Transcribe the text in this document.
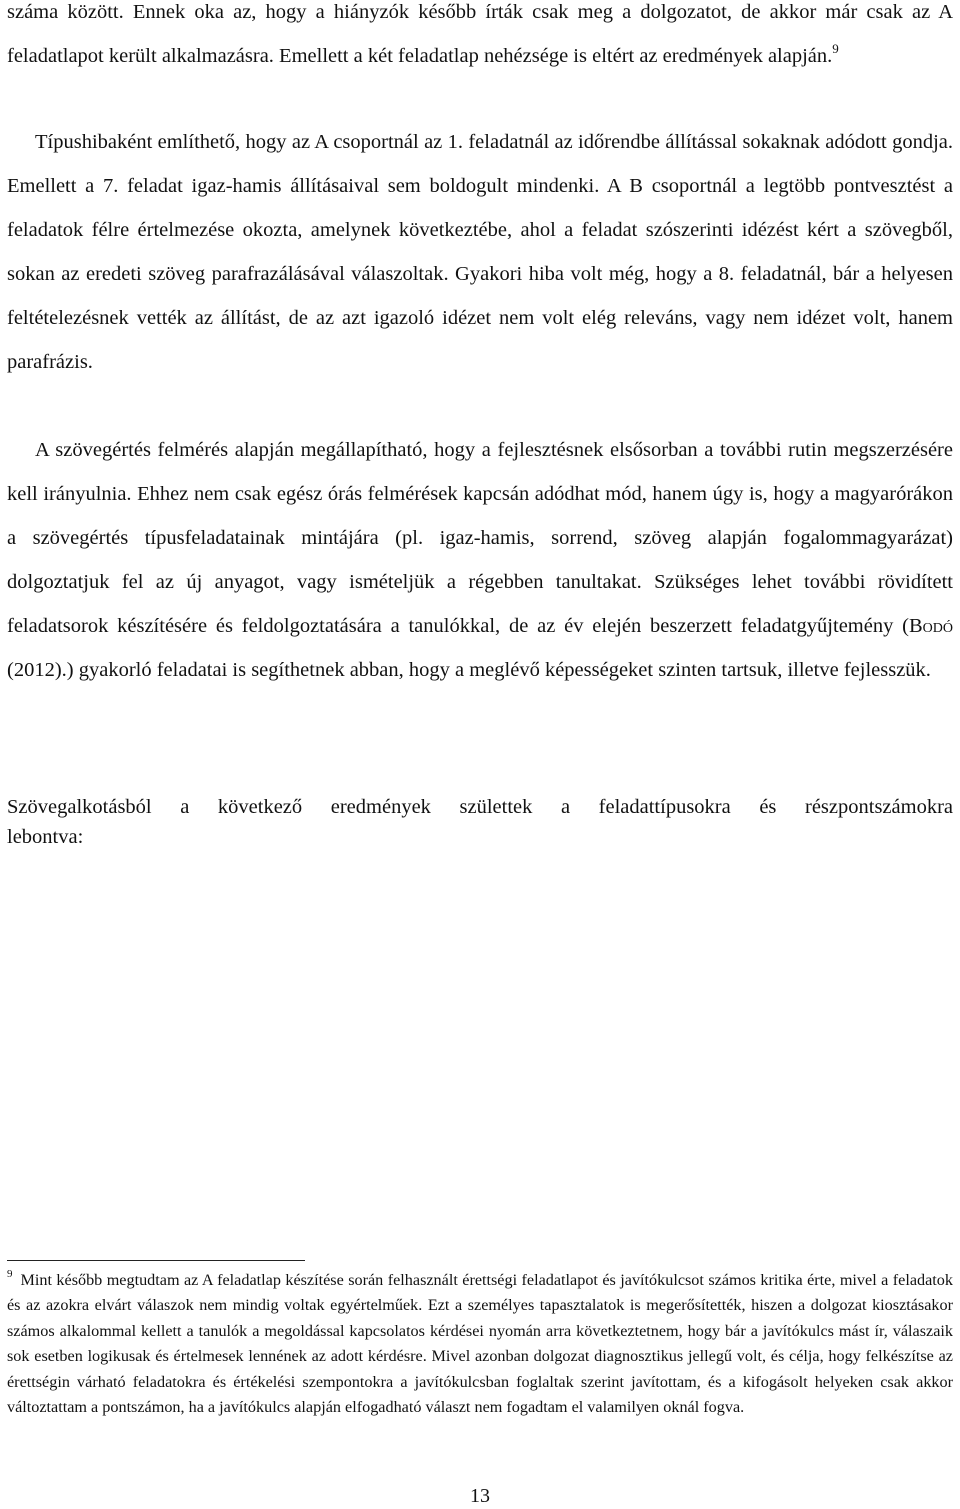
száma között. Ennek oka az, hogy a hiányzók később írták csak meg a dolgozatot, de akkor már csak az A feladatlapot került alkalmazásra. Emellett a két feladatlap nehézsége is eltért az eredmények alapján.$^9$

Típushibaként említhető, hogy az A csoportnál az 1. feladatnál az időrendbe állítással sokaknak adódott gondja. Emellett a 7. feladat igaz-hamis állításaival sem boldogult mindenki. A B csoportnál a legtöbb pontvesztést a feladatok félre értelmezése okozta, amelynek következtébe, ahol a feladat szószerinti idézést kért a szövegből, sokan az eredeti szöveg parafrazálásával válaszoltak. Gyakori hiba volt még, hogy a 8. feladatnál, bár a helyesen feltételezésnek vették az állítást, de az azt igazoló idézet nem volt elég releváns, vagy nem idézet volt, hanem parafrázis.

A szövegértés felmérés alapján megállapítható, hogy a fejlesztésnek elsősorban a további rutin megszerzésére kell irányulnia. Ehhez nem csak egész órás felmérések kapcsán adódhat mód, hanem úgy is, hogy a magyarórákon a szövegértés típusfeladatainak mintájára (pl. igaz-hamis, sorrend, szöveg alapján fogalommagyarázat) dolgoztatjuk fel az új anyagot, vagy ismételjük a régebben tanultakat. Szükséges lehet további rövidített feladatsorok készítésére és feldolgoztatására a tanulókkal, de az év elején beszerzett feladatgyűjtemény (Bodó (2012).) gyakorló feladatai is segíthetnek abban, hogy a meglévő képességeket szinten tartsuk, illetve fejlesszük.

Szövegalkotásból a következő eredmények születtek a feladattípusokra és részpontszámokra
lebontva:

$^9$ Mint később megtudtam az A feladatlap készítése során felhasznált érettségi feladatlapot és javítókulcsot számos kritika érte, mivel a feladatok és az azokra elvárt válaszok nem mindig voltak egyértelműek. Ezt a személyes tapasztalatok is megerősítették, hiszen a dolgozat kiosztásakor számos alkalommal kellett a tanulók a megoldással kapcsolatos kérdései nyomán arra következtetnem, hogy bár a javítókulcs mást ír, válaszaik sok esetben logikusak és értelmesek lennének az adott kérdésre. Mivel azonban dolgozat diagnosztikus jellegű volt, és célja, hogy felkészítse az érettségin várható feladatokra és értékelési szempontokra a javítókulcsban foglaltak szerint javítottam, és a kifogásolt helyeken csak akkor változtattam a pontszámon, ha a javítókulcs alapján elfogadható választ nem fogadtam el valamilyen oknál fogva.

13
